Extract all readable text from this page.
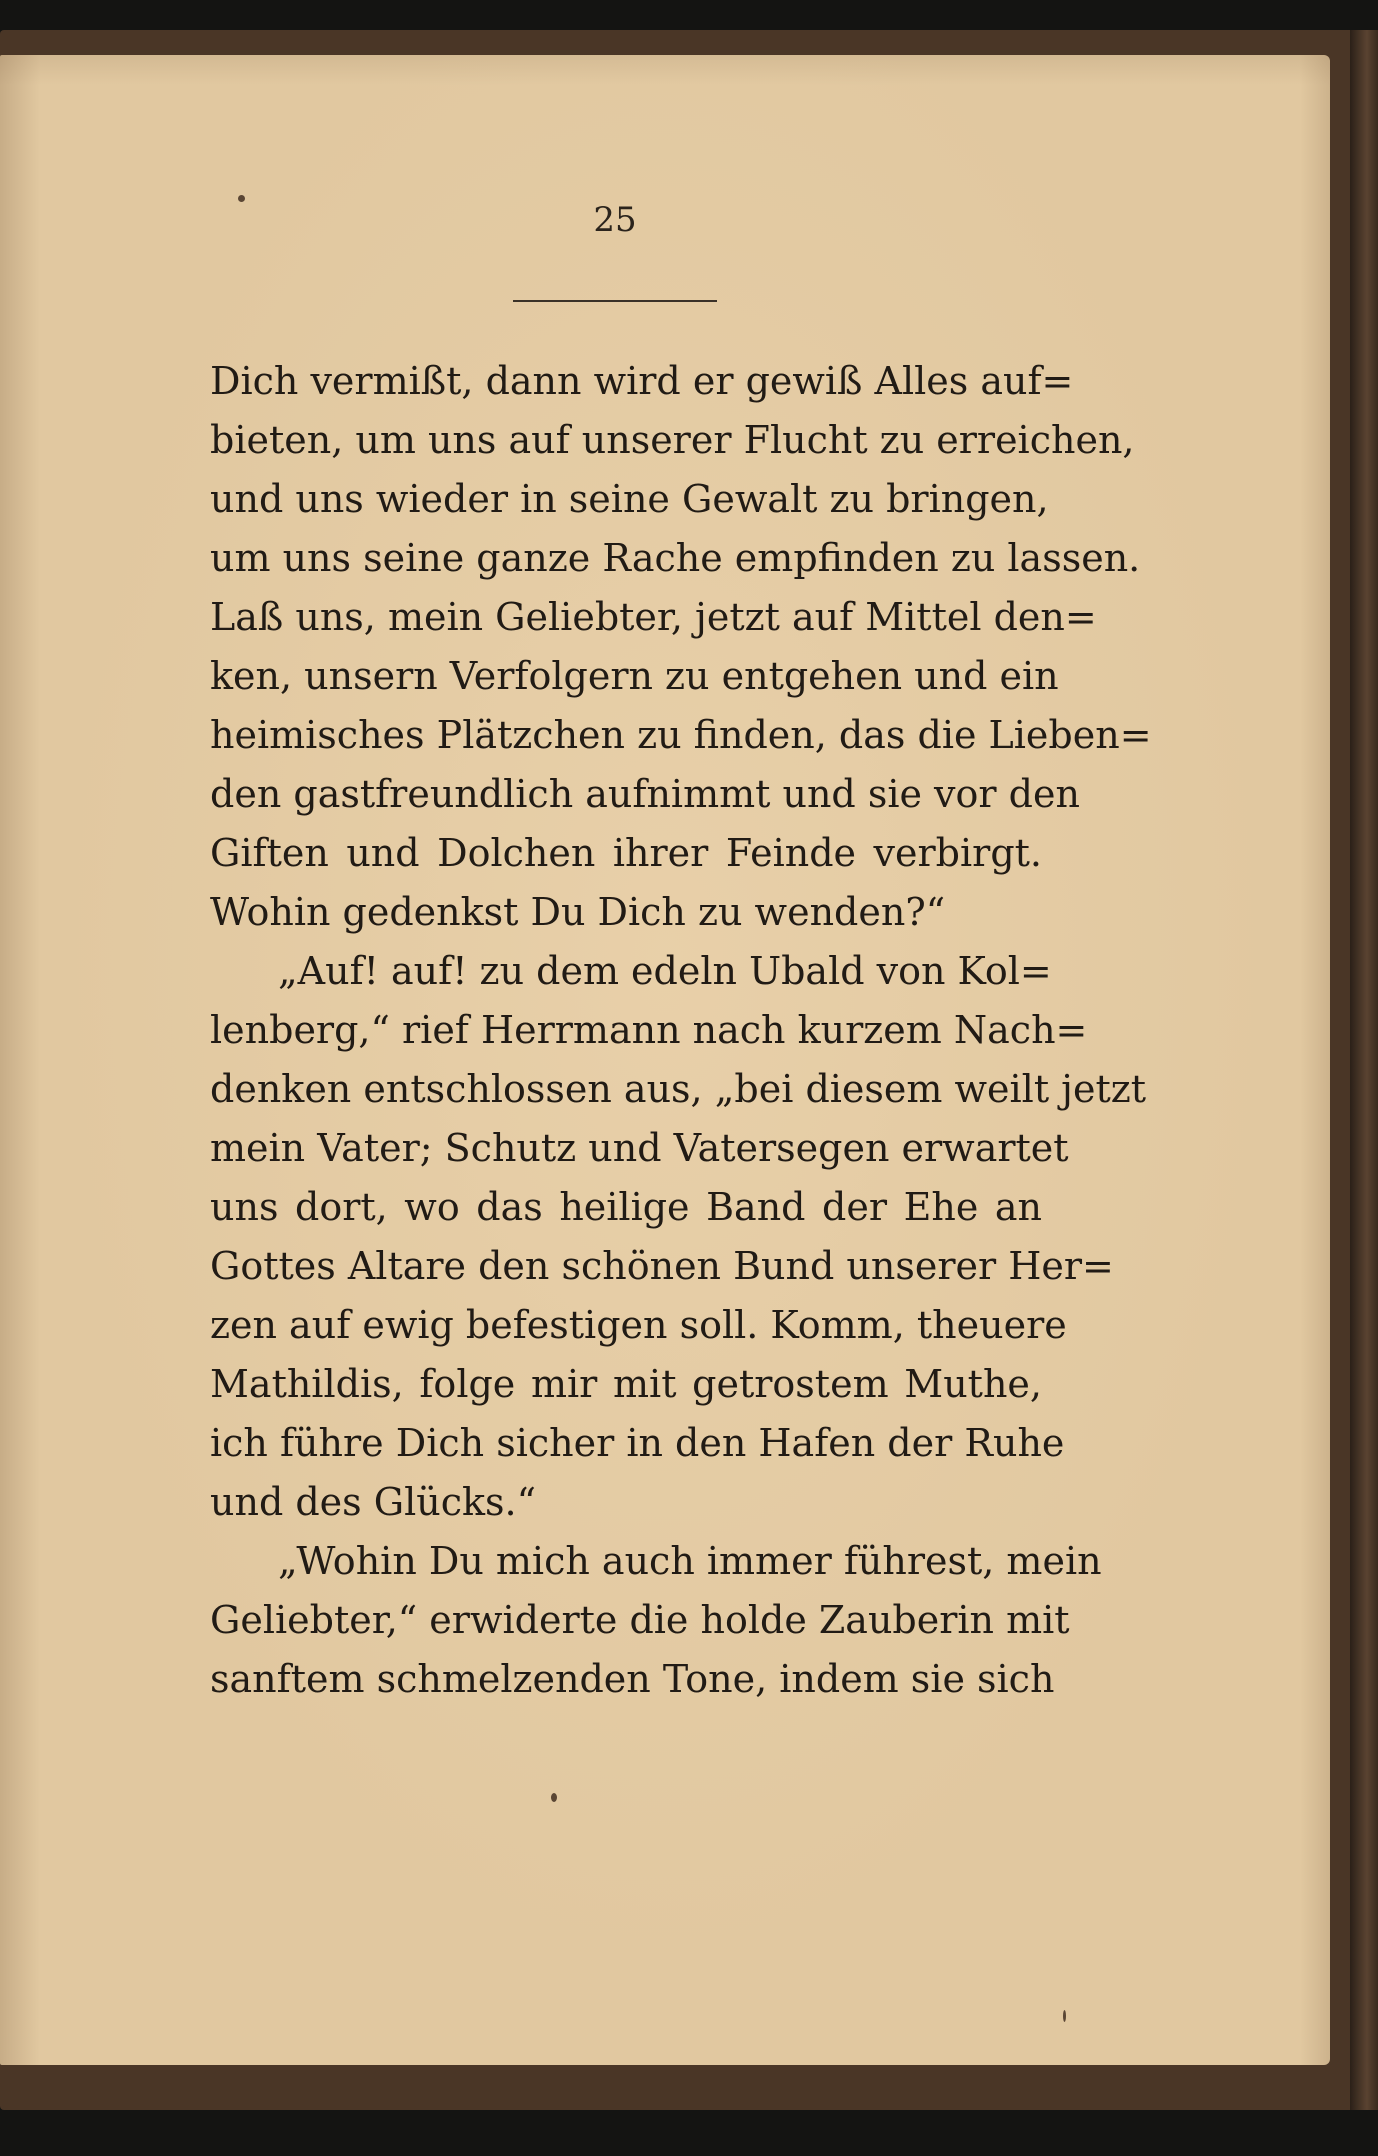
25
Dich vermißt, dann wird er gewiß Alles auf=
bieten, um uns auf unserer Flucht zu erreichen,
und uns wieder in seine Gewalt zu bringen,
um uns seine ganze Rache empfinden zu lassen.
Laß uns, mein Geliebter, jetzt auf Mittel den=
ken, unsern Verfolgern zu entgehen und ein
heimisches Plätzchen zu finden, das die Lieben=
den gastfreundlich aufnimmt und sie vor den
Giften und Dolchen ihrer Feinde verbirgt.
Wohin gedenkst Du Dich zu wenden?“
„Auf! auf! zu dem edeln Ubald von Kol=
lenberg,“ rief Herrmann nach kurzem Nach=
denken entschlossen aus, „bei diesem weilt jetzt
mein Vater; Schutz und Vatersegen erwartet
uns dort, wo das heilige Band der Ehe an
Gottes Altare den schönen Bund unserer Her=
zen auf ewig befestigen soll. Komm, theuere
Mathildis, folge mir mit getrostem Muthe,
ich führe Dich sicher in den Hafen der Ruhe
und des Glücks.“
„Wohin Du mich auch immer führest, mein
Geliebter,“ erwiderte die holde Zauberin mit
sanftem schmelzenden Tone, indem sie sich
